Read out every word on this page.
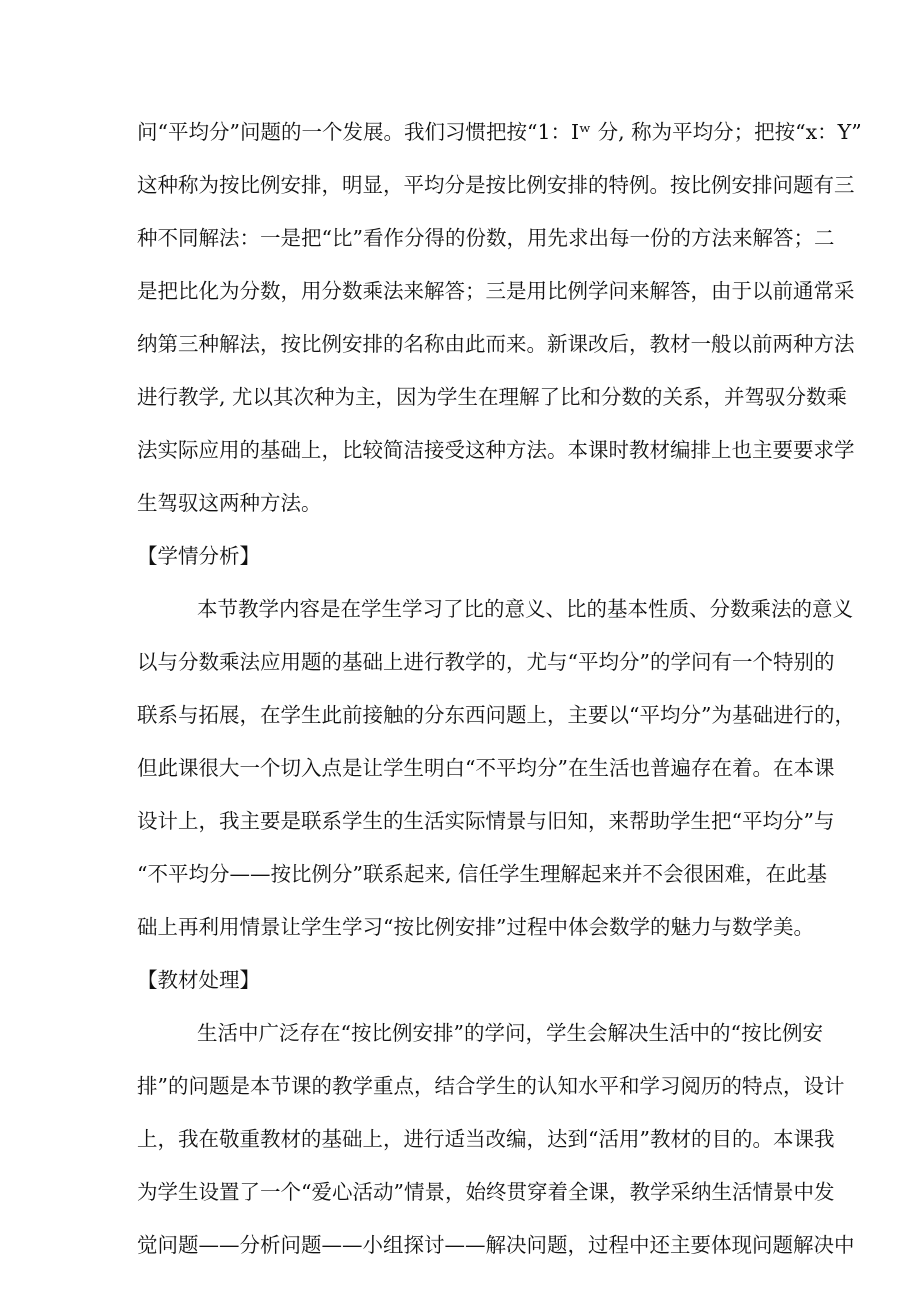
问“平均分”问题的一个发展。我们习惯把按“1：Iʷ 分, 称为平均分；把按“x：Y”
这种称为按比例安排，明显，平均分是按比例安排的特例。按比例安排问题有三
种不同解法：一是把“比”看作分得的份数，用先求出每一份的方法来解答；二
是把比化为分数，用分数乘法来解答；三是用比例学问来解答，由于以前通常采
纳第三种解法，按比例安排的名称由此而来。新课改后，教材一般以前两种方法
进行教学, 尤以其次种为主，因为学生在理解了比和分数的关系，并驾驭分数乘
法实际应用的基础上，比较简洁接受这种方法。本课时教材编排上也主要要求学
生驾驭这两种方法。
【学情分析】
本节教学内容是在学生学习了比的意义、比的基本性质、分数乘法的意义
以与分数乘法应用题的基础上进行教学的，尤与“平均分”的学问有一个特别的
联系与拓展，在学生此前接触的分东西问题上，主要以“平均分”为基础进行的，
但此课很大一个切入点是让学生明白“不平均分”在生活也普遍存在着。在本课
设计上，我主要是联系学生的生活实际情景与旧知，来帮助学生把“平均分”与
“不平均分——按比例分”联系起来, 信任学生理解起来并不会很困难，在此基
础上再利用情景让学生学习“按比例安排”过程中体会数学的魅力与数学美。
【教材处理】
生活中广泛存在“按比例安排”的学问，学生会解决生活中的“按比例安
排”的问题是本节课的教学重点，结合学生的认知水平和学习阅历的特点，设计
上，我在敬重教材的基础上，进行适当改编，达到“活用”教材的目的。本课我
为学生设置了一个“爱心活动”情景，始终贯穿着全课，教学采纳生活情景中发
觉问题——分析问题——小组探讨——解决问题，过程中还主要体现问题解决中
